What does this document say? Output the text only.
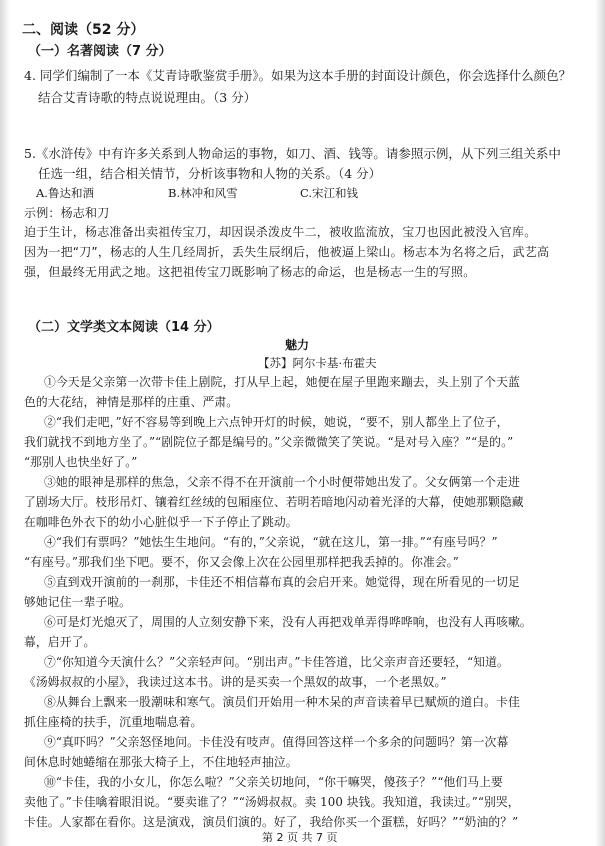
二、阅读（52 分）
（一）名著阅读（7 分）
4. 同学们编制了一本《艾青诗歌鉴赏手册》。如果为这本手册的封面设计颜色，你会选择什么颜色？
结合艾青诗歌的特点说说理由。（3 分）
5.《水浒传》中有许多关系到人物命运的事物，如刀、酒、钱等。请参照示例，从下列三组关系中
任选一组，结合相关情节，分析该事物和人物的关系。（4 分）
A.鲁达和酒	B.林冲和风雪	C.宋江和钱
示例：杨志和刀
迫于生计，杨志准备出卖祖传宝刀，却因误杀泼皮牛二，被收监流放，宝刀也因此被没入官库。
因为一把“刀”，杨志的人生几经周折，丢失生辰纲后，他被逼上梁山。杨志本为名将之后，武艺高
强，但最终无用武之地。这把祖传宝刀既影响了杨志的命运，也是杨志一生的写照。
（二）文学类文本阅读（14 分）
魅力
【苏】阿尔卡基·布霍夫
①今天是父亲第一次带卡佳上剧院，打从早上起，她便在屋子里跑来蹦去，头上别了个天蓝
色的大花结，神情是那样的庄重、严肃。
②“我们走吧，”好不容易等到晚上六点钟开灯的时候，她说，“要不，别人都坐上了位子，
我们就找不到地方坐了。”“剧院位子都是编号的。”父亲微微笑了笑说。“是对号入座？”“是的。”
“那别人也快坐好了。”
③她的眼神是那样的焦急，父亲不得不在开演前一个小时便带她出发了。父女俩第一个走进
了剧场大厅。枝形吊灯、镶着红丝绒的包厢座位、若明若暗地闪动着光泽的大幕，使她那颗隐藏
在咖啡色外衣下的幼小心脏似乎一下子停止了跳动。
④“我们有票吗？”她怯生生地问。“有的，”父亲说，“就在这儿，第一排。”“有座号吗？”
“有座号。”那我们坐下吧。要不，你又会像上次在公园里那样把我丢掉的。你准会。”
⑤直到戏开演前的一刹那，卡佳还不相信幕布真的会启开来。她觉得，现在所看见的一切足
够她记住一辈子啦。
⑥可是灯光熄灭了，周围的人立刻安静下来，没有人再把戏单弄得哗哗响，也没有人再咳嗽。
幕，启开了。
⑦“你知道今天演什么？”父亲轻声问。“别出声。”卡佳答道，比父亲声音还要轻，“知道。
《汤姆叔叔的小屋》，我读过这本书。讲的是买卖一个黑奴的故事，一个老黑奴。”
⑧从舞台上飘来一股潮味和寒气。演员们开始用一种木呆的声音读着早已赋烦的道白。卡佳
抓住座椅的扶手，沉重地喘息着。
⑨“真吓吗？”父亲怒怪地问。卡佳没有吱声。值得回答这样一个多余的问题吗？第一次幕
间休息时她蜷缩在那张大椅子上，不住地轻声抽泣。
⑩“卡佳，我的小女儿，你怎么啦？”父亲关切地问，“你干嘛哭，傻孩子？”“他们马上要
卖他了。”卡佳噙着眼泪说。“要卖谁了？”“汤姆叔叔。卖 100 块钱。我知道，我读过。”“别哭，
卡佳。人家都在看你。这是演戏，演员们演的。好了，我给你买一个蛋糕，好吗？”“奶油的？”
第 2 页 共 7 页
